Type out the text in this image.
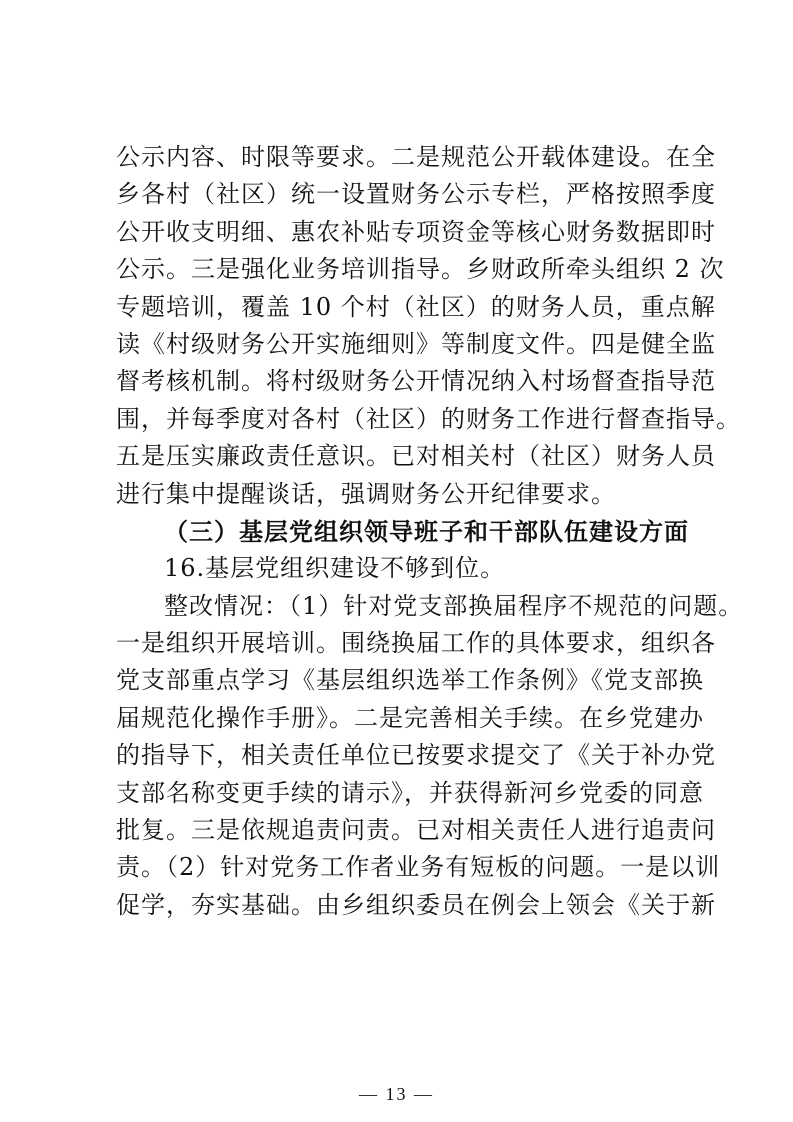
公示内容、时限等要求。二是规范公开载体建设。在全
乡各村（社区）统一设置财务公示专栏，严格按照季度
公开收支明细、惠农补贴专项资金等核心财务数据即时
公示。三是强化业务培训指导。乡财政所牵头组织 2 次
专题培训，覆盖 10 个村（社区）的财务人员，重点解
读《村级财务公开实施细则》等制度文件。四是健全监
督考核机制。将村级财务公开情况纳入村场督查指导范
围，并每季度对各村（社区）的财务工作进行督查指导。
五是压实廉政责任意识。已对相关村（社区）财务人员
进行集中提醒谈话，强调财务公开纪律要求。
（三）基层党组织领导班子和干部队伍建设方面
16.基层党组织建设不够到位。
整改情况：（1）针对党支部换届程序不规范的问题。
一是组织开展培训。围绕换届工作的具体要求，组织各
党支部重点学习《基层组织选举工作条例》《党支部换
届规范化操作手册》。二是完善相关手续。在乡党建办
的指导下，相关责任单位已按要求提交了《关于补办党
支部名称变更手续的请示》，并获得新河乡党委的同意
批复。三是依规追责问责。已对相关责任人进行追责问
责。（2）针对党务工作者业务有短板的问题。一是以训
促学，夯实基础。由乡组织委员在例会上领会《关于新
— 13 —
